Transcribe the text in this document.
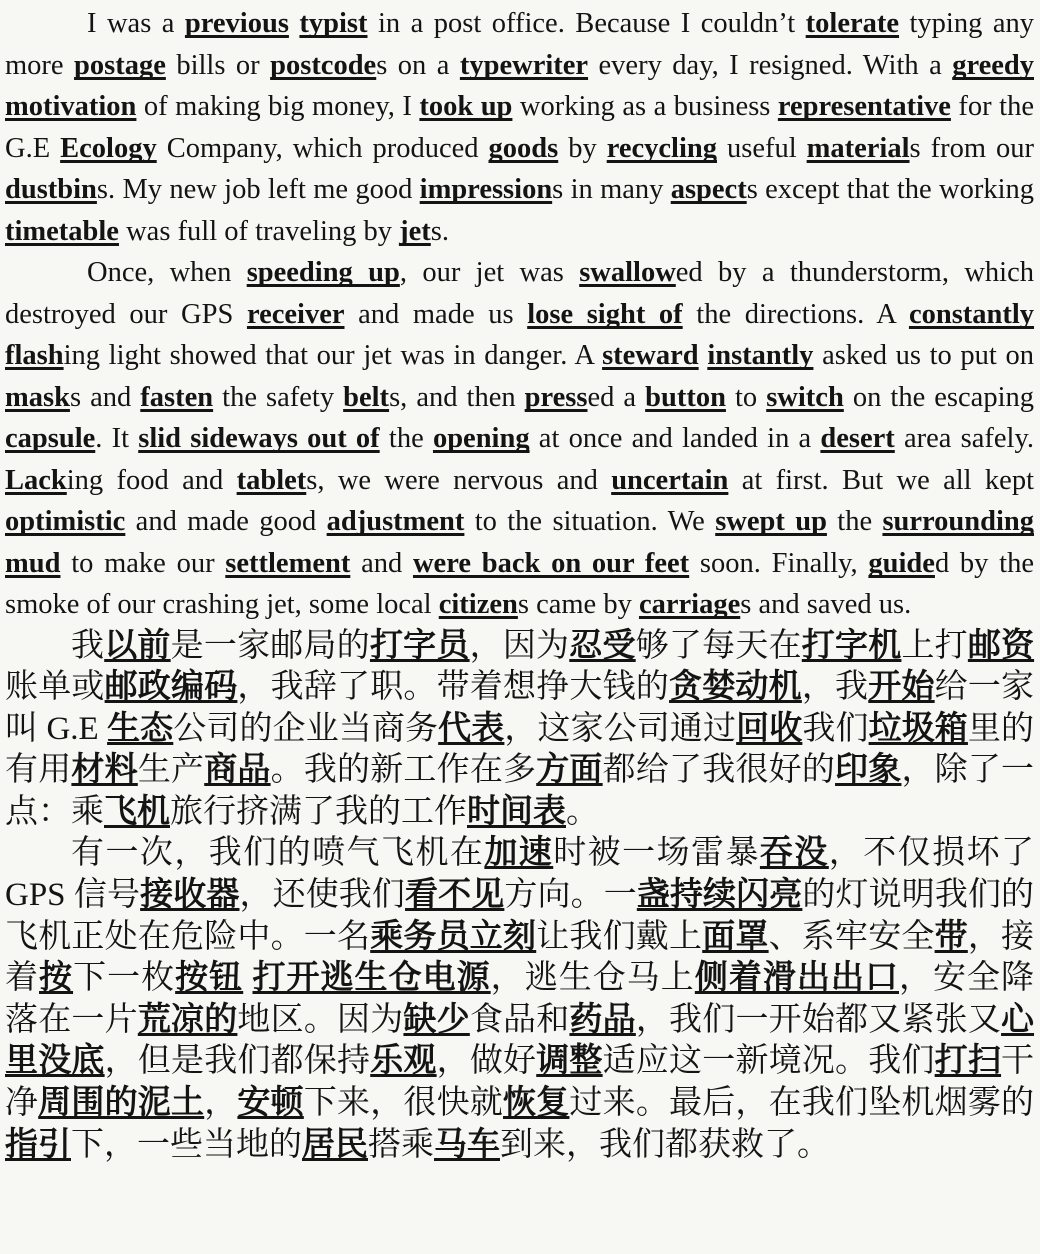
I was a previous typist in a post office. Because I couldn’t tolerate typing any more postage bills or postcodes on a typewriter every day, I resigned. With a greedy motivation of making big money, I took up working as a business representative for the G.E Ecology Company, which produced goods by recycling useful materials from our dustbins. My new job left me good impressions in many aspects except that the working timetable was full of traveling by jets.

Once, when speeding up, our jet was swallowed by a thunderstorm, which destroyed our GPS receiver and made us lose sight of the directions. A constantly flashing light showed that our jet was in danger. A steward instantly asked us to put on masks and fasten the safety belts, and then pressed a button to switch on the escaping capsule. It slid sideways out of the opening at once and landed in a desert area safely. Lacking food and tablets, we were nervous and uncertain at first. But we all kept optimistic and made good adjustment to the situation. We swept up the surrounding mud to make our settlement and were back on our feet soon. Finally, guided by the smoke of our crashing jet, some local citizens came by carriages and saved us.

我以前是一家邮局的打字员，因为忍受够了每天在打字机上打邮资账单或邮政编码，我辞了职。带着想挣大钱的贪婪动机，我开始给一家叫 G.E 生态公司的企业当商务代表，这家公司通过回收我们垃圾箱里的有用材料生产商品。我的新工作在多方面都给了我很好的印象，除了一点：乘飞机旅行挤满了我的工作时间表。

有一次，我们的喷气飞机在加速时被一场雷暴吞没，不仅损坏了 GPS 信号接收器，还使我们看不见方向。一盏持续闪亮的灯说明我们的飞机正处在危险中。一名乘务员立刻让我们戴上面罩、系牢安全带，接着按下一枚按钮 打开逃生仓电源，逃生仓马上侧着滑出出口，安全降落在一片荒凉的地区。因为缺少食品和药品，我们一开始都又紧张又心里没底，但是我们都保持乐观，做好调整适应这一新境况。我们打扫干净周围的泥土，安顿下来，很快就恢复过来。最后，在我们坠机烟雾的指引下，一些当地的居民搭乘马车到来，我们都获救了。
